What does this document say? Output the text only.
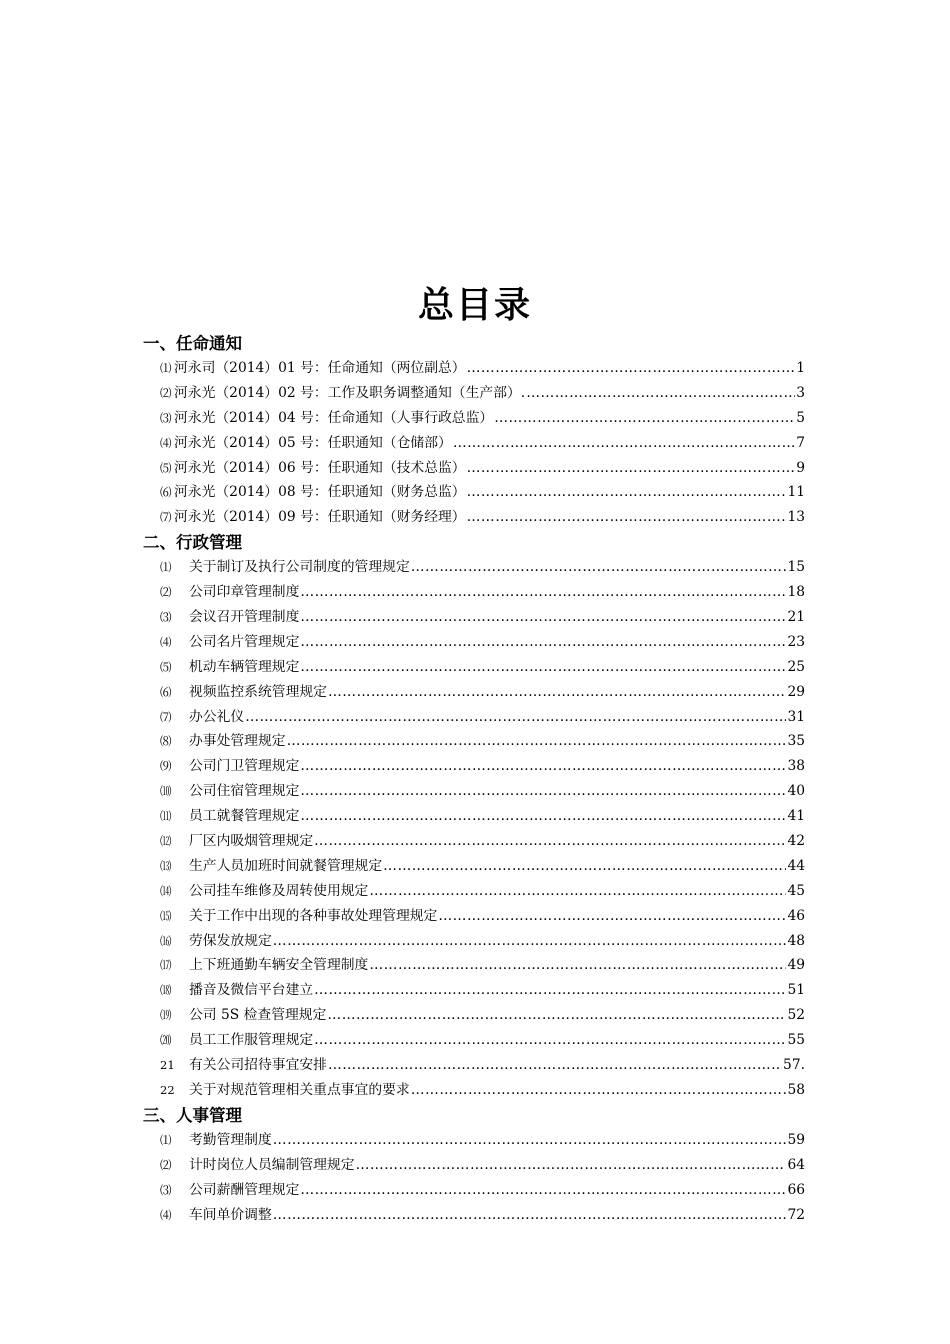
总目录
一、任命通知
⑴ 河永司（2014）01 号：任命通知（两位副总） ……………………………………………………………………………………………………………………………………………………………………	1
⑵ 河永光（2014）02 号：工作及职务调整通知（生产部）. ……………………………………………………………………………………………………………………………………………………………………	3
⑶ 河永光（2014）04 号：任命通知（人事行政总监） ……………………………………………………………………………………………………………………………………………………………………	5
⑷ 河永光（2014）05 号：任职通知（仓储部） ……………………………………………………………………………………………………………………………………………………………………	7
⑸ 河永光（2014）06 号：任职通知（技术总监） ……………………………………………………………………………………………………………………………………………………………………	9
⑹ 河永光（2014）08 号：任职通知（财务总监） ……………………………………………………………………………………………………………………………………………………………………	11
⑺ 河永光（2014）09 号：任职通知（财务经理） ……………………………………………………………………………………………………………………………………………………………………	13
二、行政管理
⑴	关于制订及执行公司制度的管理规定 ……………………………………………………………………………………………………………………………………………………………………	15
⑵	公司印章管理制度 ……………………………………………………………………………………………………………………………………………………………………	18
⑶	会议召开管理制度 ……………………………………………………………………………………………………………………………………………………………………	21
⑷	公司名片管理规定 ……………………………………………………………………………………………………………………………………………………………………	23
⑸	机动车辆管理规定 ……………………………………………………………………………………………………………………………………………………………………	25
⑹	视频监控系统管理规定 ……………………………………………………………………………………………………………………………………………………………………	29
⑺	办公礼仪 ……………………………………………………………………………………………………………………………………………………………………	31
⑻	办事处管理规定 ……………………………………………………………………………………………………………………………………………………………………	35
⑼	公司门卫管理规定 ……………………………………………………………………………………………………………………………………………………………………	38
⑽	公司住宿管理规定 ……………………………………………………………………………………………………………………………………………………………………	40
⑾	员工就餐管理规定 ……………………………………………………………………………………………………………………………………………………………………	41
⑿	厂区内吸烟管理规定 ……………………………………………………………………………………………………………………………………………………………………	42
⒀	生产人员加班时间就餐管理规定 ……………………………………………………………………………………………………………………………………………………………………	44
⒁	公司挂车维修及周转使用规定 ……………………………………………………………………………………………………………………………………………………………………	45
⒂	关于工作中出现的各种事故处理管理规定 ……………………………………………………………………………………………………………………………………………………………………	46
⒃	劳保发放规定 ……………………………………………………………………………………………………………………………………………………………………	48
⒄	上下班通勤车辆安全管理制度 ……………………………………………………………………………………………………………………………………………………………………	49
⒅	播音及微信平台建立 ……………………………………………………………………………………………………………………………………………………………………	51
⒆	公司 5S 检查管理规定 ……………………………………………………………………………………………………………………………………………………………………	52
⒇	员工工作服管理规定 ……………………………………………………………………………………………………………………………………………………………………	55
21	有关公司招待事宜安排 ……………………………………………………………………………………………………………………………………………………………………	57.
22	关于对规范管理相关重点事宜的要求 ……………………………………………………………………………………………………………………………………………………………………	58
三、人事管理
⑴	考勤管理制度 ……………………………………………………………………………………………………………………………………………………………………	59
⑵	计时岗位人员编制管理规定 ……………………………………………………………………………………………………………………………………………………………………	64
⑶	公司薪酬管理规定 ……………………………………………………………………………………………………………………………………………………………………	66
⑷	车间单价调整 ……………………………………………………………………………………………………………………………………………………………………	72
